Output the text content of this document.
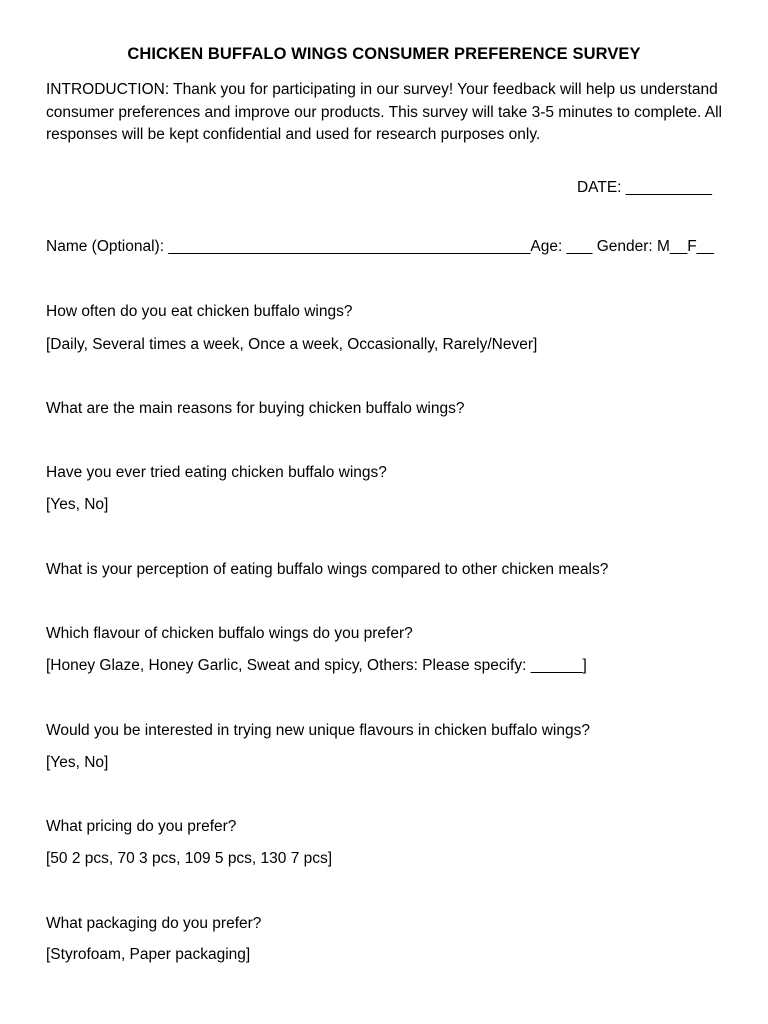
CHICKEN BUFFALO WINGS CONSUMER PREFERENCE SURVEY
INTRODUCTION: Thank you for participating in our survey! Your feedback will help us understand consumer preferences and improve our products. This survey will take 3-5 minutes to complete. All responses will be kept confidential and used for research purposes only.
DATE: __________
Name (Optional): __________________________________________Age: ___ Gender: M__F__
How often do you eat chicken buffalo wings?
[Daily, Several times a week, Once a week, Occasionally, Rarely/Never]
What are the main reasons for buying chicken buffalo wings?
Have you ever tried eating chicken buffalo wings?
[Yes, No]
What is your perception of eating buffalo wings compared to other chicken meals?
Which flavour of chicken buffalo wings do you prefer?
[Honey Glaze, Honey Garlic, Sweat and spicy, Others: Please specify: ______]
Would you be interested in trying new unique flavours in chicken buffalo wings?
[Yes, No]
What pricing do you prefer?
[50 2 pcs, 70 3 pcs, 109 5 pcs, 130 7 pcs]
What packaging do you prefer?
[Styrofoam, Paper packaging]
